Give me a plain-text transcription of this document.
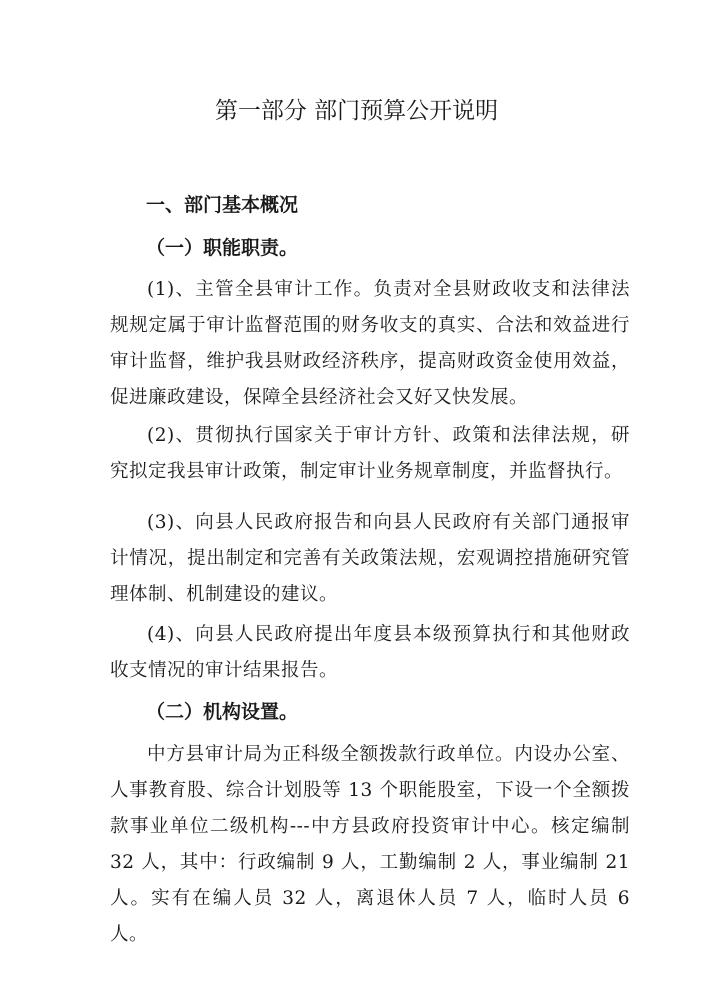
第一部分 部门预算公开说明
一、部门基本概况
（一）职能职责。

(1)、主管全县审计工作。负责对全县财政收支和法律法规规定属于审计监督范围的财务收支的真实、合法和效益进行审计监督，维护我县财政经济秩序，提高财政资金使用效益，促进廉政建设，保障全县经济社会又好又快发展。

(2)、贯彻执行国家关于审计方针、政策和法律法规，研究拟定我县审计政策，制定审计业务规章制度，并监督执行。

(3)、向县人民政府报告和向县人民政府有关部门通报审计情况，提出制定和完善有关政策法规，宏观调控措施研究管理体制、机制建设的建议。

(4)、向县人民政府提出年度县本级预算执行和其他财政收支情况的审计结果报告。

（二）机构设置。

中方县审计局为正科级全额拨款行政单位。内设办公室、人事教育股、综合计划股等 13 个职能股室，下设一个全额拨款事业单位二级机构---中方县政府投资审计中心。核定编制 32 人，其中：行政编制 9 人，工勤编制 2 人，事业编制 21 人。实有在编人员 32 人，离退休人员 7 人，临时人员 6 人。
